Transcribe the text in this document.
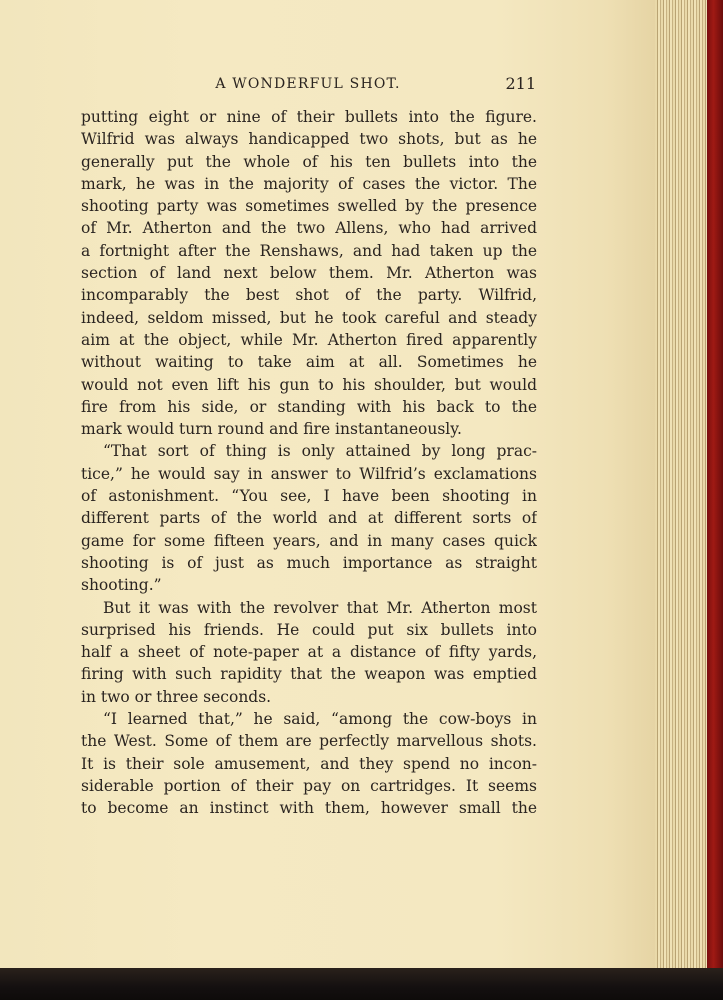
A WONDERFUL SHOT.	211
putting eight or nine of their bullets into the figure.
Wilfrid was always handicapped two shots, but as he
generally put the whole of his ten bullets into the
mark, he was in the majority of cases the victor. The
shooting party was sometimes swelled by the presence
of Mr. Atherton and the two Allens, who had arrived
a fortnight after the Renshaws, and had taken up the
section of land next below them. Mr. Atherton was
incomparably the best shot of the party. Wilfrid,
indeed, seldom missed, but he took careful and steady
aim at the object, while Mr. Atherton fired apparently
without waiting to take aim at all. Sometimes he
would not even lift his gun to his shoulder, but would
fire from his side, or standing with his back to the
mark would turn round and fire instantaneously.
“That sort of thing is only attained by long prac-
tice,” he would say in answer to Wilfrid’s exclamations
of astonishment. “You see, I have been shooting in
different parts of the world and at different sorts of
game for some fifteen years, and in many cases quick
shooting is of just as much importance as straight
shooting.”
But it was with the revolver that Mr. Atherton most
surprised his friends. He could put six bullets into
half a sheet of note-paper at a distance of fifty yards,
firing with such rapidity that the weapon was emptied
in two or three seconds.
“I learned that,” he said, “among the cow-boys in
the West. Some of them are perfectly marvellous shots.
It is their sole amusement, and they spend no incon-
siderable portion of their pay on cartridges. It seems
to become an instinct with them, however small the
